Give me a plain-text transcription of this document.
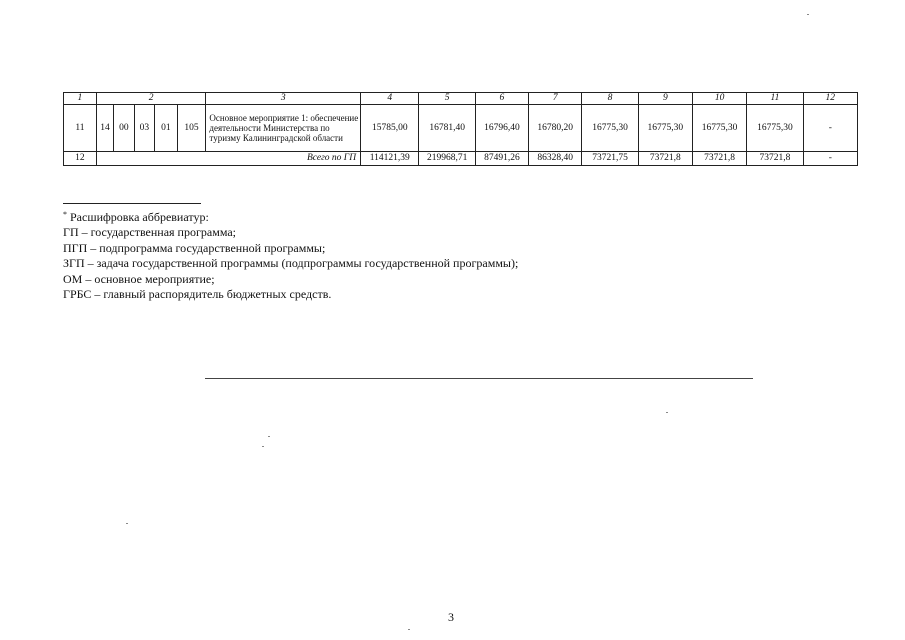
1	2					3	4	5	6	7	8	9	10	11	12
11	14	00	03	01	105	Основное мероприятие 1: обеспечение деятельности Министерства по туризму Калининградской области	15785,00	16781,40	16796,40	16780,20	16775,30	16775,30	16775,30	16775,30	-
12	Всего по ГП						114121,39	219968,71	87491,26	86328,40	73721,75	73721,8	73721,8	73721,8	-
* Расшифровка аббревиатур:
ГП – государственная программа;
ПГП – подпрограмма государственной программы;
ЗГП – задача государственной программы (подпрограммы государственной программы);
ОМ – основное мероприятие;
ГРБС – главный распорядитель бюджетных средств.
3
